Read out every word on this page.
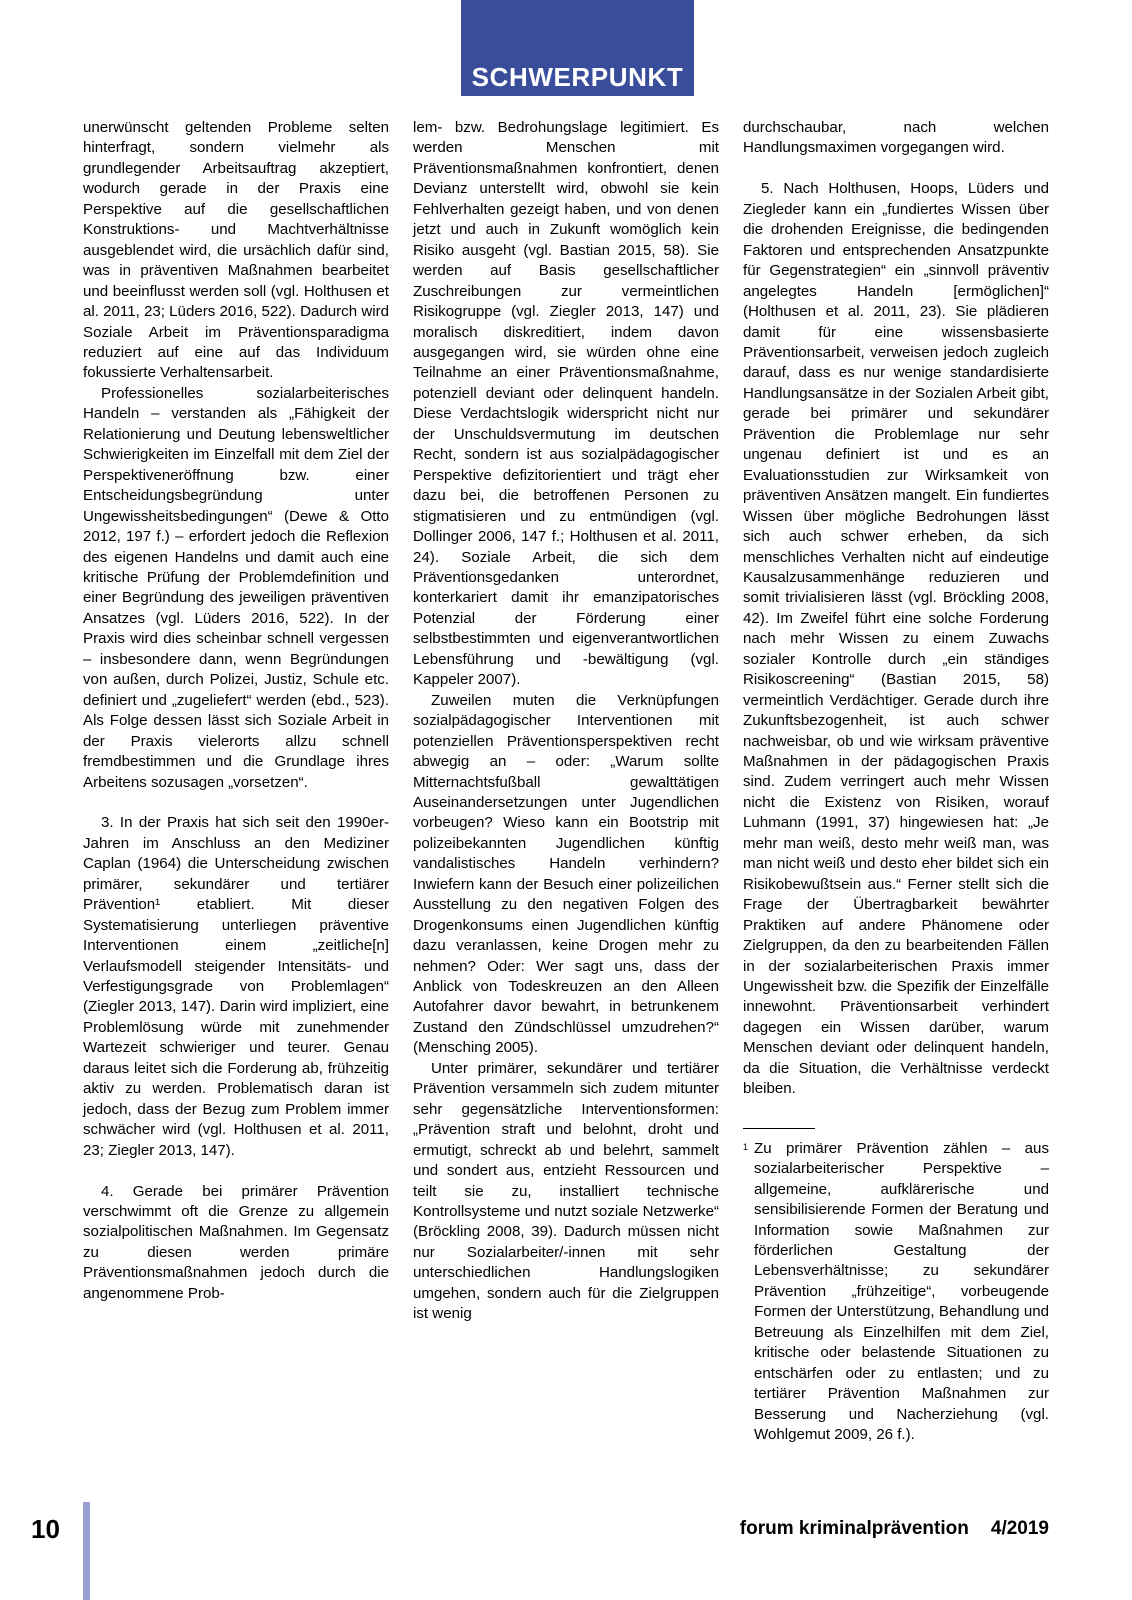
SCHWERPUNKT

unerwünscht geltenden Probleme selten hinterfragt, sondern vielmehr als grundlegender Arbeitsauftrag akzeptiert, wodurch gerade in der Praxis eine Perspektive auf die gesellschaftlichen Konstruktions- und Machtverhältnisse ausgeblendet wird, die ursächlich dafür sind, was in präventiven Maßnahmen bearbeitet und beeinflusst werden soll (vgl. Holthusen et al. 2011, 23; Lüders 2016, 522). Dadurch wird Soziale Arbeit im Präventionsparadigma reduziert auf eine auf das Individuum fokussierte Verhaltensarbeit.

Professionelles sozialarbeiterisches Handeln – verstanden als „Fähigkeit der Relationierung und Deutung lebensweltlicher Schwierigkeiten im Einzelfall mit dem Ziel der Perspektiveneröffnung bzw. einer Entscheidungsbegründung unter Ungewissheitsbedingungen“ (Dewe & Otto 2012, 197 f.) – erfordert jedoch die Reflexion des eigenen Handelns und damit auch eine kritische Prüfung der Problemdefinition und einer Begründung des jeweiligen präventiven Ansatzes (vgl. Lüders 2016, 522). In der Praxis wird dies scheinbar schnell vergessen – insbesondere dann, wenn Begründungen von außen, durch Polizei, Justiz, Schule etc. definiert und „zugeliefert“ werden (ebd., 523). Als Folge dessen lässt sich Soziale Arbeit in der Praxis vielerorts allzu schnell fremdbestimmen und die Grundlage ihres Arbeitens sozusagen „vorsetzen“.

3. In der Praxis hat sich seit den 1990er-Jahren im Anschluss an den Mediziner Caplan (1964) die Unterscheidung zwischen primärer, sekundärer und tertiärer Prävention¹ etabliert. Mit dieser Systematisierung unterliegen präventive Interventionen einem „zeitliche[n] Verlaufsmodell steigender Intensitäts- und Verfestigungsgrade von Problemlagen“ (Ziegler 2013, 147). Darin wird impliziert, eine Problemlösung würde mit zunehmender Wartezeit schwieriger und teurer. Genau daraus leitet sich die Forderung ab, frühzeitig aktiv zu werden. Problematisch daran ist jedoch, dass der Bezug zum Problem immer schwächer wird (vgl. Holthusen et al. 2011, 23; Ziegler 2013, 147).

4. Gerade bei primärer Prävention verschwimmt oft die Grenze zu allgemein sozialpolitischen Maßnahmen. Im Gegensatz zu diesen werden primäre Präventionsmaßnahmen jedoch durch die angenommene Prob-

lem- bzw. Bedrohungslage legitimiert. Es werden Menschen mit Präventionsmaßnahmen konfrontiert, denen Devianz unterstellt wird, obwohl sie kein Fehlverhalten gezeigt haben, und von denen jetzt und auch in Zukunft womöglich kein Risiko ausgeht (vgl. Bastian 2015, 58). Sie werden auf Basis gesellschaftlicher Zuschreibungen zur vermeintlichen Risikogruppe (vgl. Ziegler 2013, 147) und moralisch diskreditiert, indem davon ausgegangen wird, sie würden ohne eine Teilnahme an einer Präventionsmaßnahme, potenziell deviant oder delinquent handeln. Diese Verdachtslogik widerspricht nicht nur der Unschuldsvermutung im deutschen Recht, sondern ist aus sozialpädagogischer Perspektive defizitorientiert und trägt eher dazu bei, die betroffenen Personen zu stigmatisieren und zu entmündigen (vgl. Dollinger 2006, 147 f.; Holthusen et al. 2011, 24). Soziale Arbeit, die sich dem Präventionsgedanken unterordnet, konterkariert damit ihr emanzipatorisches Potenzial der Förderung einer selbstbestimmten und eigenverantwortlichen Lebensführung und -bewältigung (vgl. Kappeler 2007).

Zuweilen muten die Verknüpfungen sozialpädagogischer Interventionen mit potenziellen Präventionsperspektiven recht abwegig an – oder: „Warum sollte Mitternachtsfußball gewalttätigen Auseinandersetzungen unter Jugendlichen vorbeugen? Wieso kann ein Bootstrip mit polizeibekannten Jugendlichen künftig vandalistisches Handeln verhindern? Inwiefern kann der Besuch einer polizeilichen Ausstellung zu den negativen Folgen des Drogenkonsums einen Jugendlichen künftig dazu veranlassen, keine Drogen mehr zu nehmen? Oder: Wer sagt uns, dass der Anblick von Todeskreuzen an den Alleen Autofahrer davor bewahrt, in betrunkenem Zustand den Zündschlüssel umzudrehen?“ (Mensching 2005).

Unter primärer, sekundärer und tertiärer Prävention versammeln sich zudem mitunter sehr gegensätzliche Interventionsformen: „Prävention straft und belohnt, droht und ermutigt, schreckt ab und belehrt, sammelt und sondert aus, entzieht Ressourcen und teilt sie zu, installiert technische Kontrollsysteme und nutzt soziale Netzwerke“ (Bröckling 2008, 39). Dadurch müssen nicht nur Sozialarbeiter/-innen mit sehr unterschiedlichen Handlungslogiken umgehen, sondern auch für die Zielgruppen ist wenig

durchschaubar, nach welchen Handlungsmaximen vorgegangen wird.

5. Nach Holthusen, Hoops, Lüders und Ziegleder kann ein „fundiertes Wissen über die drohenden Ereignisse, die bedingenden Faktoren und entsprechenden Ansatzpunkte für Gegenstrategien“ ein „sinnvoll präventiv angelegtes Handeln [ermöglichen]“ (Holthusen et al. 2011, 23). Sie plädieren damit für eine wissensbasierte Präventionsarbeit, verweisen jedoch zugleich darauf, dass es nur wenige standardisierte Handlungsansätze in der Sozialen Arbeit gibt, gerade bei primärer und sekundärer Prävention die Problemlage nur sehr ungenau definiert ist und es an Evaluationsstudien zur Wirksamkeit von präventiven Ansätzen mangelt. Ein fundiertes Wissen über mögliche Bedrohungen lässt sich auch schwer erheben, da sich menschliches Verhalten nicht auf eindeutige Kausalzusammenhänge reduzieren und somit trivialisieren lässt (vgl. Bröckling 2008, 42). Im Zweifel führt eine solche Forderung nach mehr Wissen zu einem Zuwachs sozialer Kontrolle durch „ein ständiges Risikoscreening“ (Bastian 2015, 58) vermeintlich Verdächtiger. Gerade durch ihre Zukunftsbezogenheit, ist auch schwer nachweisbar, ob und wie wirksam präventive Maßnahmen in der pädagogischen Praxis sind. Zudem verringert auch mehr Wissen nicht die Existenz von Risiken, worauf Luhmann (1991, 37) hingewiesen hat: „Je mehr man weiß, desto mehr weiß man, was man nicht weiß und desto eher bildet sich ein Risikobewußtsein aus.“ Ferner stellt sich die Frage der Übertragbarkeit bewährter Praktiken auf andere Phänomene oder Zielgruppen, da den zu bearbeitenden Fällen in der sozialarbeiterischen Praxis immer Ungewissheit bzw. die Spezifik der Einzelfälle innewohnt. Präventionsarbeit verhindert dagegen ein Wissen darüber, warum Menschen deviant oder delinquent handeln, da die Situation, die Verhältnisse verdeckt bleiben.

1 Zu primärer Prävention zählen – aus sozialarbeiterischer Perspektive – allgemeine, aufklärerische und sensibilisierende Formen der Beratung und Information sowie Maßnahmen zur förderlichen Gestaltung der Lebensverhältnisse; zu sekundärer Prävention „frühzeitige“, vorbeugende Formen der Unterstützung, Behandlung und Betreuung als Einzelhilfen mit dem Ziel, kritische oder belastende Situationen zu entschärfen oder zu entlasten; und zu tertiärer Prävention Maßnahmen zur Besserung und Nacherziehung (vgl. Wohlgemut 2009, 26 f.).

10	forum kriminalprävention 4/2019
